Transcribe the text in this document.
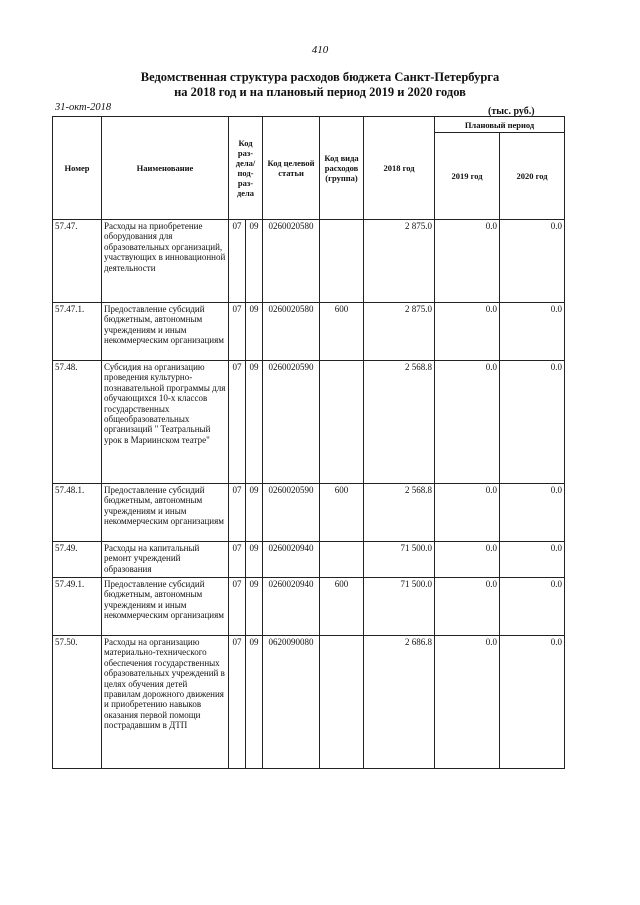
410
Ведомственная структура расходов бюджета Санкт-Петербурга
на 2018 год и на плановый период 2019 и 2020 годов
31-окт-2018	(тыс. руб.)
Номер	Наименование	Код раз- дела/ под- раз- дела		Код целевой статьи	Код вида расходов (группа)	2018 год	Плановый период	
							2019 год	2020 год
57.47.	Расходы на приобретение оборудования для образовательных организаций, участвующих в инновационной деятельности	07	09	0260020580		2 875.0	0.0	0.0
57.47.1.	Предоставление субсидий бюджетным, автономным учреждениям и иным некоммерческим организациям	07	09	0260020580	600	2 875.0	0.0	0.0
57.48.	Субсидия на организацию проведения культурно-познавательной программы для обучающихся 10-х классов государственных общеобразовательных организаций " Театральный урок в Мариинском театре"	07	09	0260020590		2 568.8	0.0	0.0
57.48.1.	Предоставление субсидий бюджетным, автономным учреждениям и иным некоммерческим организациям	07	09	0260020590	600	2 568.8	0.0	0.0
57.49.	Расходы на капитальный ремонт учреждений образования	07	09	0260020940		71 500.0	0.0	0.0
57.49.1.	Предоставление субсидий бюджетным, автономным учреждениям и иным некоммерческим организациям	07	09	0260020940	600	71 500.0	0.0	0.0
57.50.	Расходы на организацию материально-технического обеспечения государственных образовательных учреждений в целях обучения детей правилам дорожного движения и приобретению навыков оказания первой помощи пострадавшим в ДТП	07	09	0620090080		2 686.8	0.0	0.0
